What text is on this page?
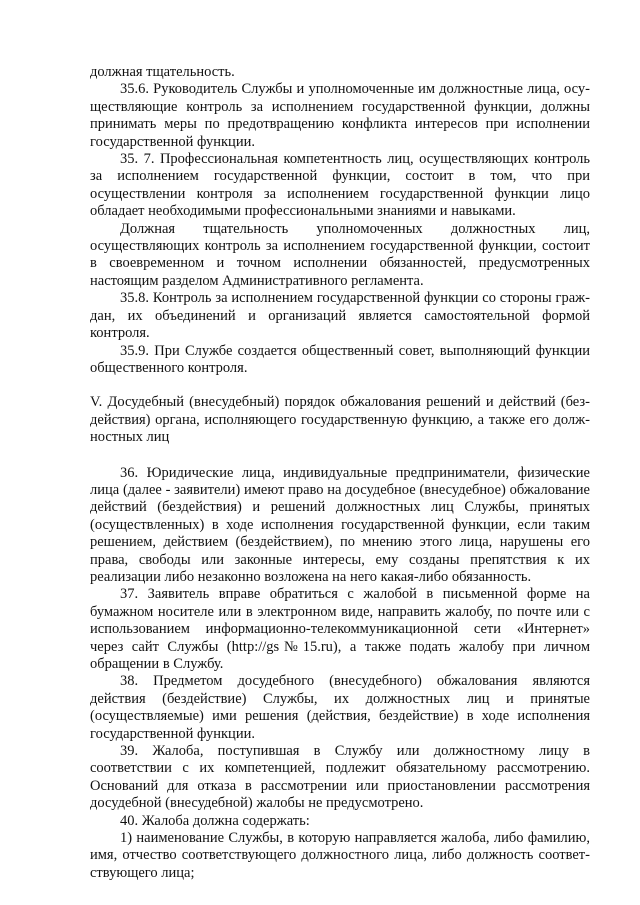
должная тщательность.

35.6. Руководитель Службы и уполномоченные им должностные лица, осуществляющие контроль за исполнением государственной функции, должны принимать меры по предотвращению конфликта интересов при исполнении государственной функции.

35. 7. Профессиональная компетентность лиц, осуществляющих контроль за исполнением государственной функции, состоит в том, что при осуществлении контроля за исполнением государственной функции лицо обладает необходимыми профессиональными знаниями и навыками.

Должная тщательность уполномоченных должностных лиц, осуществляющих контроль за исполнением государственной функции, состоит в своевременном и точном исполнении обязанностей, предусмотренных настоящим разделом Административного регламента.

35.8. Контроль за исполнением государственной функции со стороны граждан, их объединений и организаций является самостоятельной формой контроля.

35.9. При Службе создается общественный совет, выполняющий функции общественного контроля.

V. Досудебный (внесудебный) порядок обжалования решений и действий (бездействия) органа, исполняющего государственную функцию, а также его должностных лиц

36. Юридические лица, индивидуальные предприниматели, физические лица (далее - заявители) имеют право на досудебное (внесудебное) обжалование действий (бездействия) и решений должностных лиц Службы, принятых (осуществленных) в ходе исполнения государственной функции, если таким решением, действием (бездействием), по мнению этого лица, нарушены его права, свободы или законные интересы, ему созданы препятствия к их реализации либо незаконно возложена на него какая-либо обязанность.

37. Заявитель вправе обратиться с жалобой в письменной форме на бумажном носителе или в электронном виде, направить жалобу, по почте или с использованием информационно-телекоммуникационной сети «Интернет» через сайт Службы (http://gs№15.ru), а также подать жалобу при личном обращении в Службу.

38. Предметом досудебного (внесудебного) обжалования являются действия (бездействие) Службы, их должностных лиц и принятые (осуществляемые) ими решения (действия, бездействие) в ходе исполнения государственной функции.

39. Жалоба, поступившая в Службу или должностному лицу в соответствии с их компетенцией, подлежит обязательному рассмотрению. Оснований для отказа в рассмотрении или приостановлении рассмотрения досудебной (внесудебной) жалобы не предусмотрено.

40. Жалоба должна содержать:

1) наименование Службы, в которую направляется жалоба, либо фамилию, имя, отчество соответствующего должностного лица, либо должность соответствующего лица;
